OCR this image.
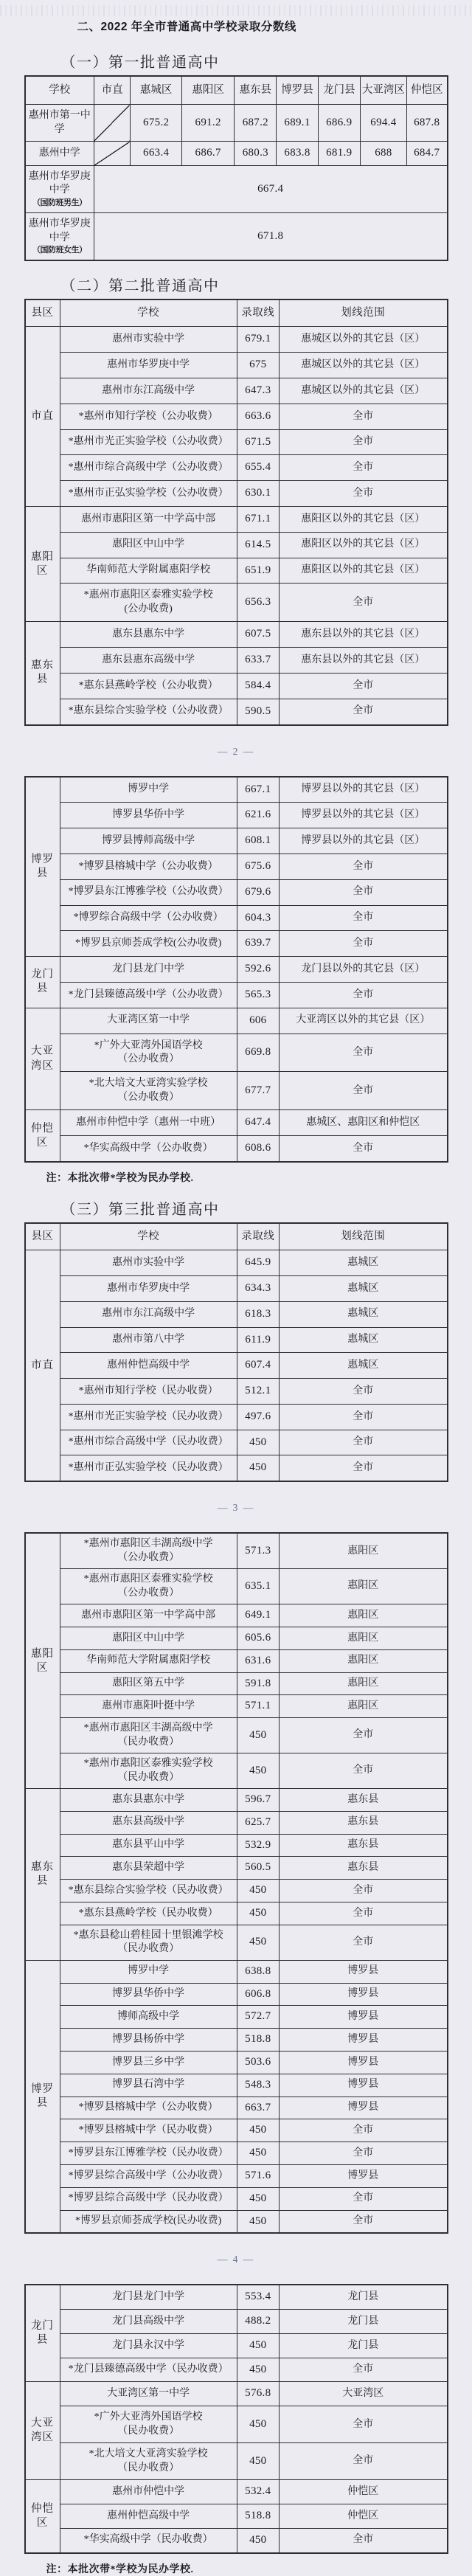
二、2022 年全市普通高中学校录取分数线
（一）第一批普通高中
学校	市直	惠城区	惠阳区	惠东县	博罗县	龙门县	大亚湾区	仲恺区
惠州市第一中学		675.2	691.2	687.2	689.1	686.9	694.4	687.8
惠州中学		663.4	686.7	680.3	683.8	681.9	688	684.7
惠州市华罗庚中学
（国防班男生）	667.4							
惠州市华罗庚中学
（国防班女生）	671.8							
（二）第二批普通高中
县区	学校	录取线	划线范围
市直	惠州市实验中学	679.1	惠城区以外的其它县（区）
	惠州市华罗庚中学	675	惠城区以外的其它县（区）
	惠州市东江高级中学	647.3	惠城区以外的其它县（区）
	*惠州市知行学校（公办收费）	663.6	全市
	*惠州市光正实验学校（公办收费）	671.5	全市
	*惠州市综合高级中学（公办收费）	655.4	全市
	*惠州市正弘实验学校（公办收费）	630.1	全市
惠阳区	惠州市惠阳区第一中学高中部	671.1	惠阳区以外的其它县（区）
	惠阳区中山中学	614.5	惠阳区以外的其它县（区）
	华南师范大学附属惠阳学校	651.9	惠阳区以外的其它县（区）
	*惠州市惠阳区泰雅实验学校
(公办收费)	656.3	全市
惠东县	惠东县惠东中学	607.5	惠东县以外的其它县（区）
	惠东县惠东高级中学	633.7	惠东县以外的其它县（区）
	*惠东县燕岭学校（公办收费）	584.4	全市
	*惠东县综合实验学校（公办收费）	590.5	全市
— 2 —
博罗县	博罗中学	667.1	博罗县以外的其它县（区）
	博罗县华侨中学	621.6	博罗县以外的其它县（区）
	博罗县博师高级中学	608.1	博罗县以外的其它县（区）
	*博罗县榕城中学（公办收费）	675.6	全市
	*博罗县东江博雅学校（公办收费）	679.6	全市
	*博罗综合高级中学（公办收费）	604.3	全市
	*博罗县京师荟成学校(公办收费)	639.7	全市
龙门县	龙门县龙门中学	592.6	龙门县以外的其它县（区）
	*龙门县臻德高级中学（公办收费）	565.3	全市
大亚湾区	大亚湾区第一中学	606	大亚湾区以外的其它县（区）
	*广外大亚湾外国语学校
（公办收费）	669.8	全市
	*北大培文大亚湾实验学校
（公办收费）	677.7	全市
仲恺区	惠州市仲恺中学（惠州一中班）	647.4	惠城区、惠阳区和仲恺区
	*华实高级中学（公办收费）	608.6	全市
注：本批次带*学校为民办学校.
（三）第三批普通高中
县区	学校	录取线	划线范围
市直	惠州市实验中学	645.9	惠城区
	惠州市华罗庚中学	634.3	惠城区
	惠州市东江高级中学	618.3	惠城区
	惠州市第八中学	611.9	惠城区
	惠州仲恺高级中学	607.4	惠城区
	*惠州市知行学校（民办收费）	512.1	全市
	*惠州市光正实验学校（民办收费）	497.6	全市
	*惠州市综合高级中学（民办收费）	450	全市
	*惠州市正弘实验学校（民办收费）	450	全市
— 3 —
惠阳区	*惠州市惠阳区丰湖高级中学
（公办收费）	571.3	惠阳区
	*惠州市惠阳区泰雅实验学校
（公办收费）	635.1	惠阳区
	惠州市惠阳区第一中学高中部	649.1	惠阳区
	惠阳区中山中学	605.6	惠阳区
	华南师范大学附属惠阳学校	631.6	惠阳区
	惠阳区第五中学	591.8	惠阳区
	惠州市惠阳叶挺中学	571.1	惠阳区
	*惠州市惠阳区丰湖高级中学
（民办收费）	450	全市
	*惠州市惠阳区泰雅实验学校
（民办收费）	450	全市
惠东县	惠东县惠东中学	596.7	惠东县
	惠东县高级中学	625.7	惠东县
	惠东县平山中学	532.9	惠东县
	惠东县荣超中学	560.5	惠东县
	*惠东县综合实验学校（民办收费）	450	全市
	*惠东县燕岭学校（民办收费）	450	全市
	*惠东县稔山碧桂园十里银滩学校
（民办收费）	450	全市
博罗县	博罗中学	638.8	博罗县
	博罗县华侨中学	606.8	博罗县
	博师高级中学	572.7	博罗县
	博罗县杨侨中学	518.8	博罗县
	博罗县三乡中学	503.6	博罗县
	博罗县石湾中学	548.3	博罗县
	*博罗县榕城中学（公办收费）	663.7	博罗县
	*博罗县榕城中学（民办收费）	450	全市
	*博罗县东江博雅学校（民办收费）	450	全市
	*博罗县综合高级中学（公办收费）	571.6	博罗县
	*博罗县综合高级中学（民办收费）	450	全市
	*博罗县京师荟成学校(民办收费)	450	全市
— 4 —
龙门县	龙门县龙门中学	553.4	龙门县
	龙门县高级中学	488.2	龙门县
	龙门县永汉中学	450	龙门县
	*龙门县臻德高级中学（民办收费）	450	全市
大亚湾区	大亚湾区第一中学	576.8	大亚湾区
	*广外大亚湾外国语学校
（民办收费）	450	全市
	*北大培文大亚湾实验学校
（民办收费）	450	全市
仲恺区	惠州市仲恺中学	532.4	仲恺区
	惠州仲恺高级中学	518.8	仲恺区
	*华实高级中学（民办收费）	450	全市
注：本批次带*学校为民办学校.
